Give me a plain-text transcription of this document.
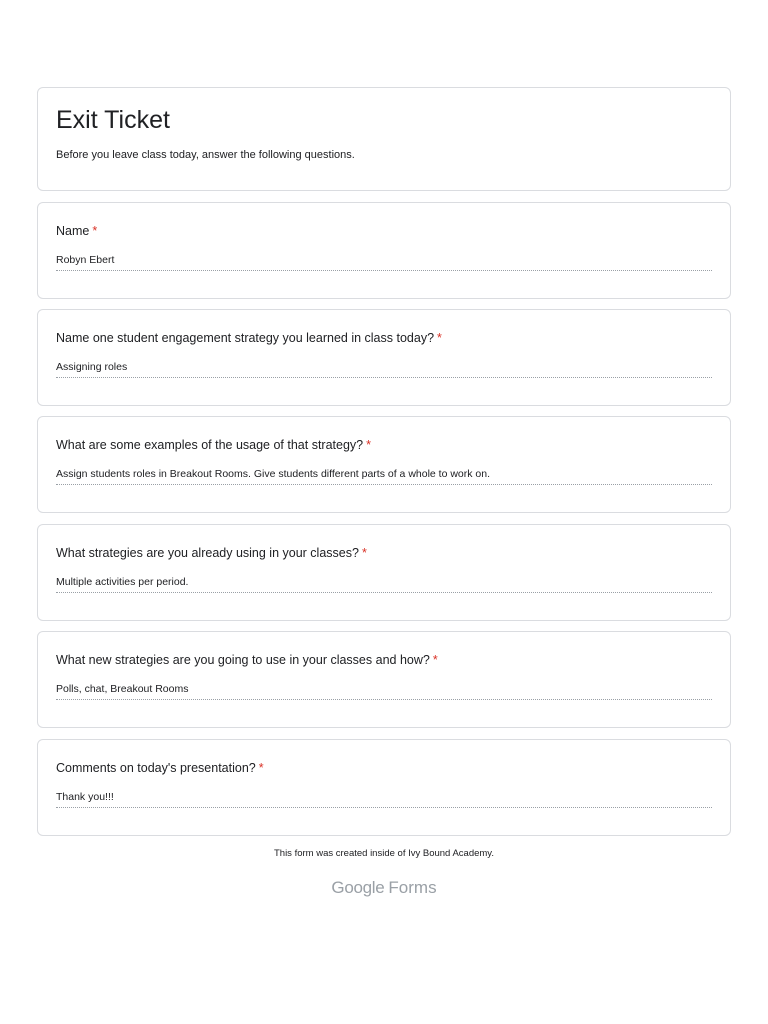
Exit Ticket
Before you leave class today, answer the following questions.
Name *
Robyn Ebert
Name one student engagement strategy you learned in class today? *
Assigning roles
What are some examples of the usage of that strategy? *
Assign students roles in Breakout Rooms. Give students different parts of a whole to work on.
What strategies are you already using in your classes? *
Multiple activities per period.
What new strategies are you going to use in your classes and how? *
Polls, chat, Breakout Rooms
Comments on today's presentation? *
Thank you!!!
This form was created inside of Ivy Bound Academy.
Google Forms
